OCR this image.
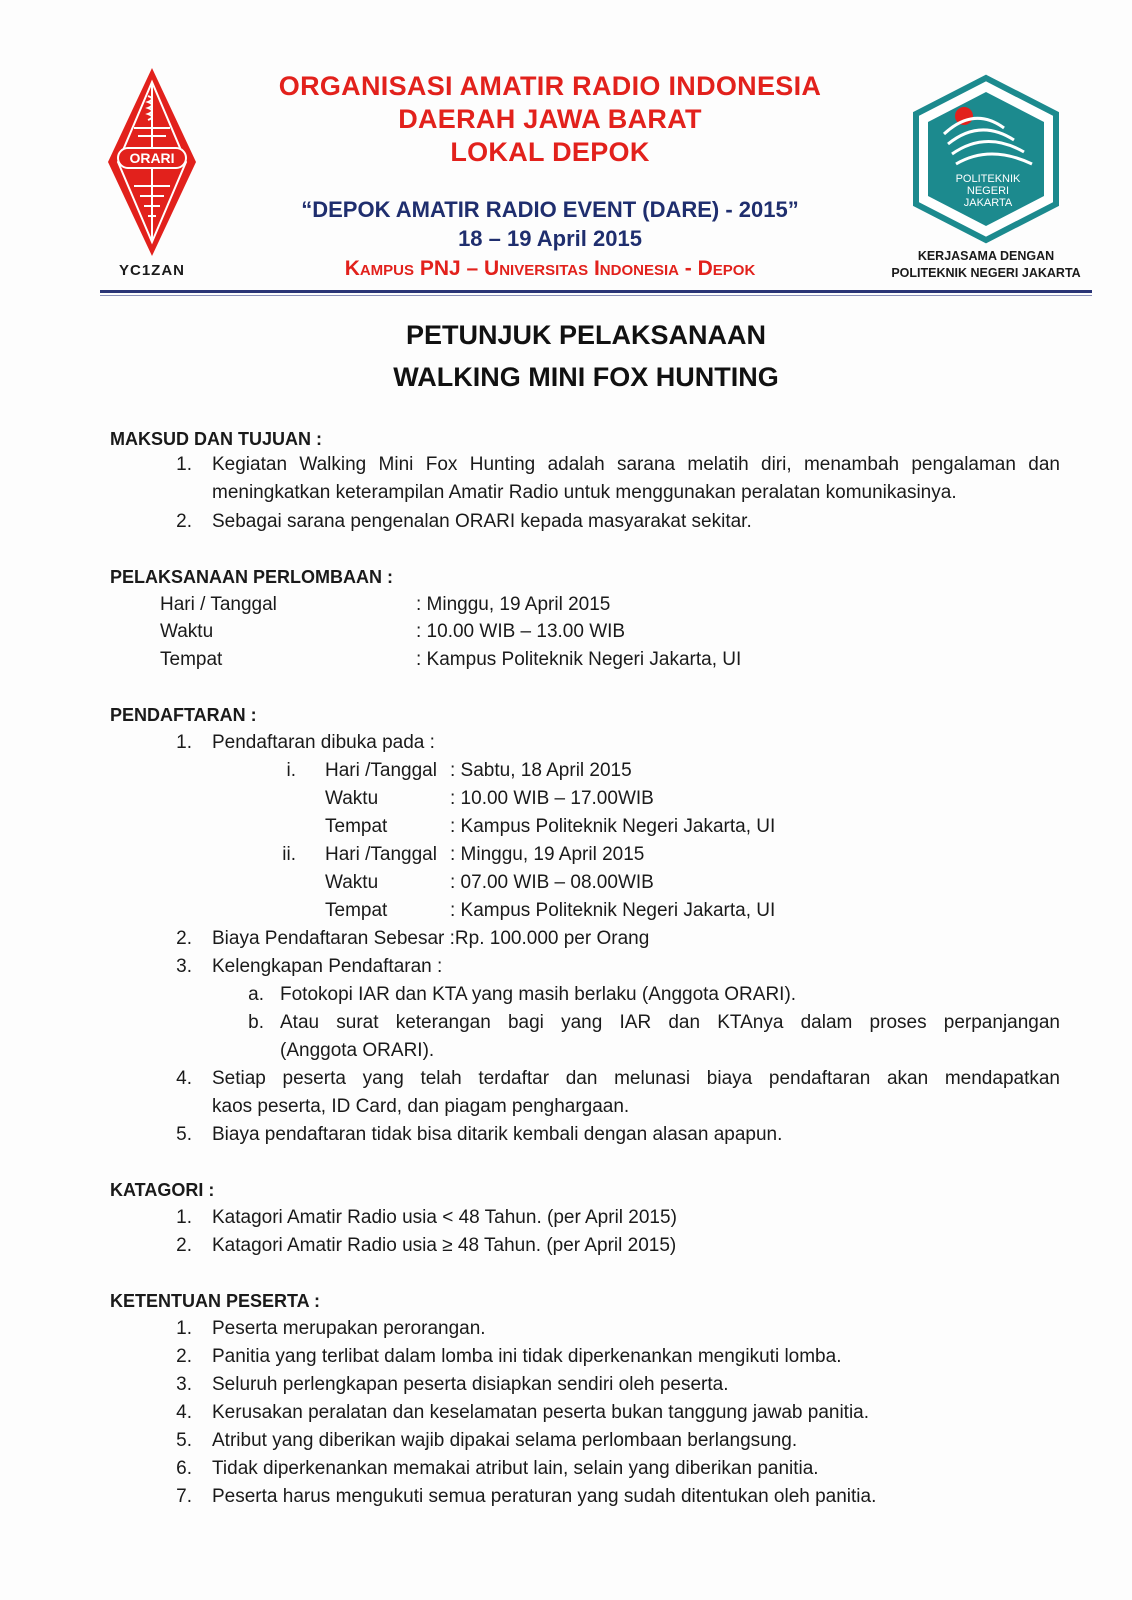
ORARI
YC1ZAN
ORGANISASI AMATIR RADIO INDONESIA
DAERAH JAWA BARAT
LOKAL DEPOK
“DEPOK AMATIR RADIO EVENT (DARE) - 2015”
18 – 19 April 2015
Kampus PNJ – Universitas Indonesia - Depok
POLITEKNIK
NEGERI
JAKARTA
KERJASAMA DENGAN
POLITEKNIK NEGERI JAKARTA
PETUNJUK PELAKSANAAN
WALKING MINI FOX HUNTING
MAKSUD DAN TUJUAN :
1. Kegiatan Walking Mini Fox Hunting adalah sarana melatih diri, menambah pengalaman dan
meningkatkan keterampilan Amatir Radio untuk menggunakan peralatan komunikasinya.
2. Sebagai sarana pengenalan ORARI kepada masyarakat sekitar.
PELAKSANAAN PERLOMBAAN :
Hari / Tanggal	: Minggu, 19 April 2015
Waktu	: 10.00 WIB – 13.00 WIB
Tempat	: Kampus Politeknik Negeri Jakarta, UI
PENDAFTARAN :
1. Pendaftaran dibuka pada :
i. Hari /Tanggal : Sabtu, 18 April 2015
Waktu	: 10.00 WIB – 17.00WIB
Tempat	: Kampus Politeknik Negeri Jakarta, UI
ii. Hari /Tanggal : Minggu, 19 April 2015
Waktu	: 07.00 WIB – 08.00WIB
Tempat	: Kampus Politeknik Negeri Jakarta, UI
2. Biaya Pendaftaran Sebesar :Rp. 100.000 per Orang
3. Kelengkapan Pendaftaran :
a. Fotokopi IAR dan KTA yang masih berlaku (Anggota ORARI).
b. Atau surat keterangan bagi yang IAR dan KTAnya dalam proses perpanjangan
(Anggota ORARI).
4. Setiap peserta yang telah terdaftar dan melunasi biaya pendaftaran akan mendapatkan
kaos peserta, ID Card, dan piagam penghargaan.
5. Biaya pendaftaran tidak bisa ditarik kembali dengan alasan apapun.
KATAGORI :
1. Katagori Amatir Radio usia < 48 Tahun. (per April 2015)
2. Katagori Amatir Radio usia ≥ 48 Tahun. (per April 2015)
KETENTUAN PESERTA :
1. Peserta merupakan perorangan.
2. Panitia yang terlibat dalam lomba ini tidak diperkenankan mengikuti lomba.
3. Seluruh perlengkapan peserta disiapkan sendiri oleh peserta.
4. Kerusakan peralatan dan keselamatan peserta bukan tanggung jawab panitia.
5. Atribut yang diberikan wajib dipakai selama perlombaan berlangsung.
6. Tidak diperkenankan memakai atribut lain, selain yang diberikan panitia.
7. Peserta harus mengukuti semua peraturan yang sudah ditentukan oleh panitia.
